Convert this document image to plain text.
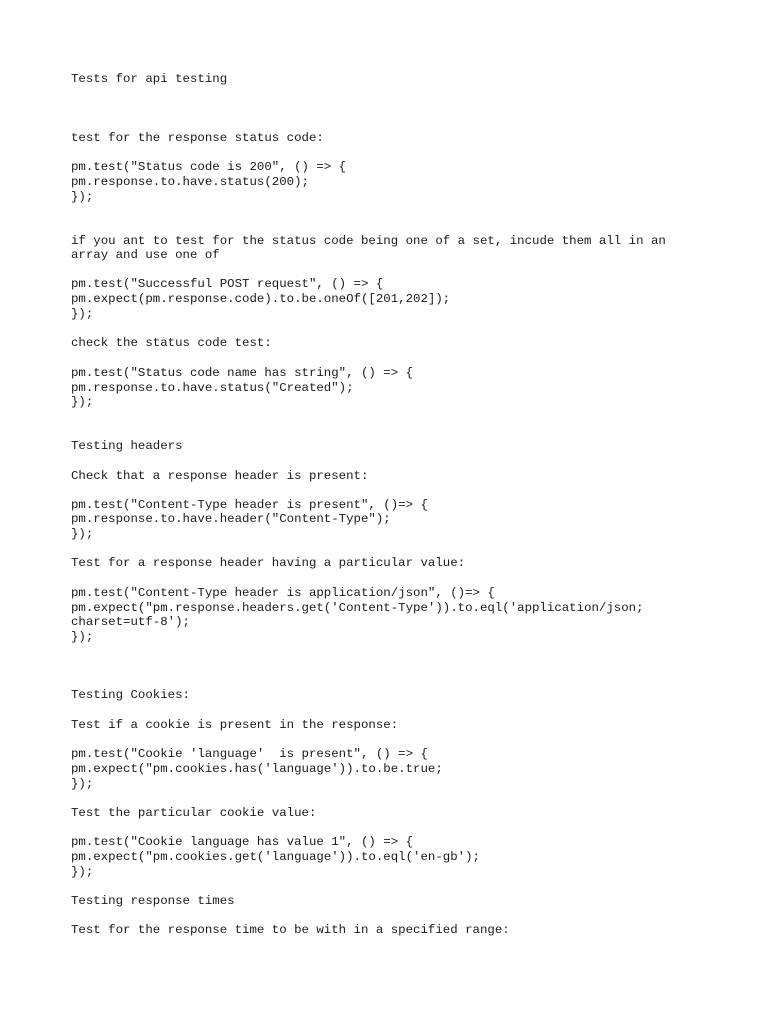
Tests for api testing

test for the response status code:

pm.test("Status code is 200", () => {

pm.response.to.have.status(200);

});

if you ant to test for the status code being one of a set, incude them all in an

array and use one of

pm.test("Successful POST request", () => {

pm.expect(pm.response.code).to.be.oneOf([201,202]);

});

check the status code test:

pm.test("Status code name has string", () => {

pm.response.to.have.status("Created");

});

Testing headers

Check that a response header is present:

pm.test("Content-Type header is present", ()=> {

pm.response.to.have.header("Content-Type");

});

Test for a response header having a particular value:

pm.test("Content-Type header is application/json", ()=> {

pm.expect("pm.response.headers.get('Content-Type')).to.eql('application/json;

charset=utf-8');

});

Testing Cookies:

Test if a cookie is present in the response:

pm.test("Cookie 'language'  is present", () => {

pm.expect("pm.cookies.has('language')).to.be.true;

});

Test the particular cookie value:

pm.test("Cookie language has value 1", () => {

pm.expect("pm.cookies.get('language')).to.eql('en-gb');

});

Testing response times

Test for the response time to be with in a specified range:
